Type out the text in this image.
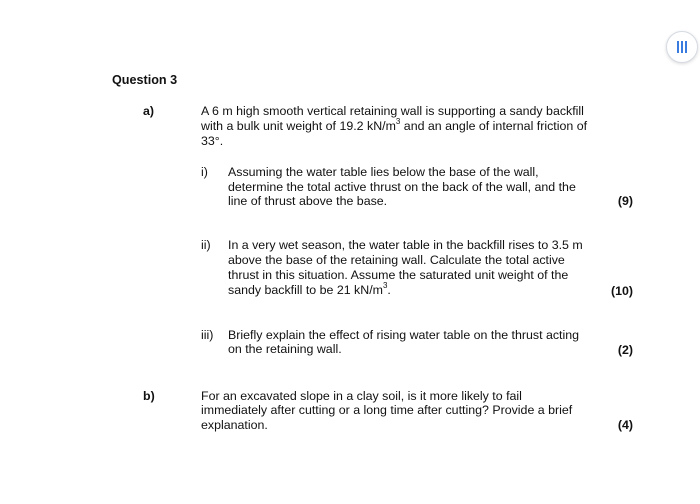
Question 3
a)	A 6 m high smooth vertical retaining wall is supporting a sandy backfill
with a bulk unit weight of 19.2 $kN/m^3$ and an angle of internal friction of
33°.
i) Assuming the water table lies below the base of the wall,
determine the total active thrust on the back of the wall, and the
line of thrust above the base.	(9)
ii) In a very wet season, the water table in the backfill rises to 3.5 m
above the base of the retaining wall. Calculate the total active
thrust in this situation. Assume the saturated unit weight of the
sandy backfill to be 21 $kN/m^3$.	(10)
iii) Briefly explain the effect of rising water table on the thrust acting
on the retaining wall.	(2)
b)	For an excavated slope in a clay soil, is it more likely to fail
immediately after cutting or a long time after cutting? Provide a brief
explanation.	(4)
